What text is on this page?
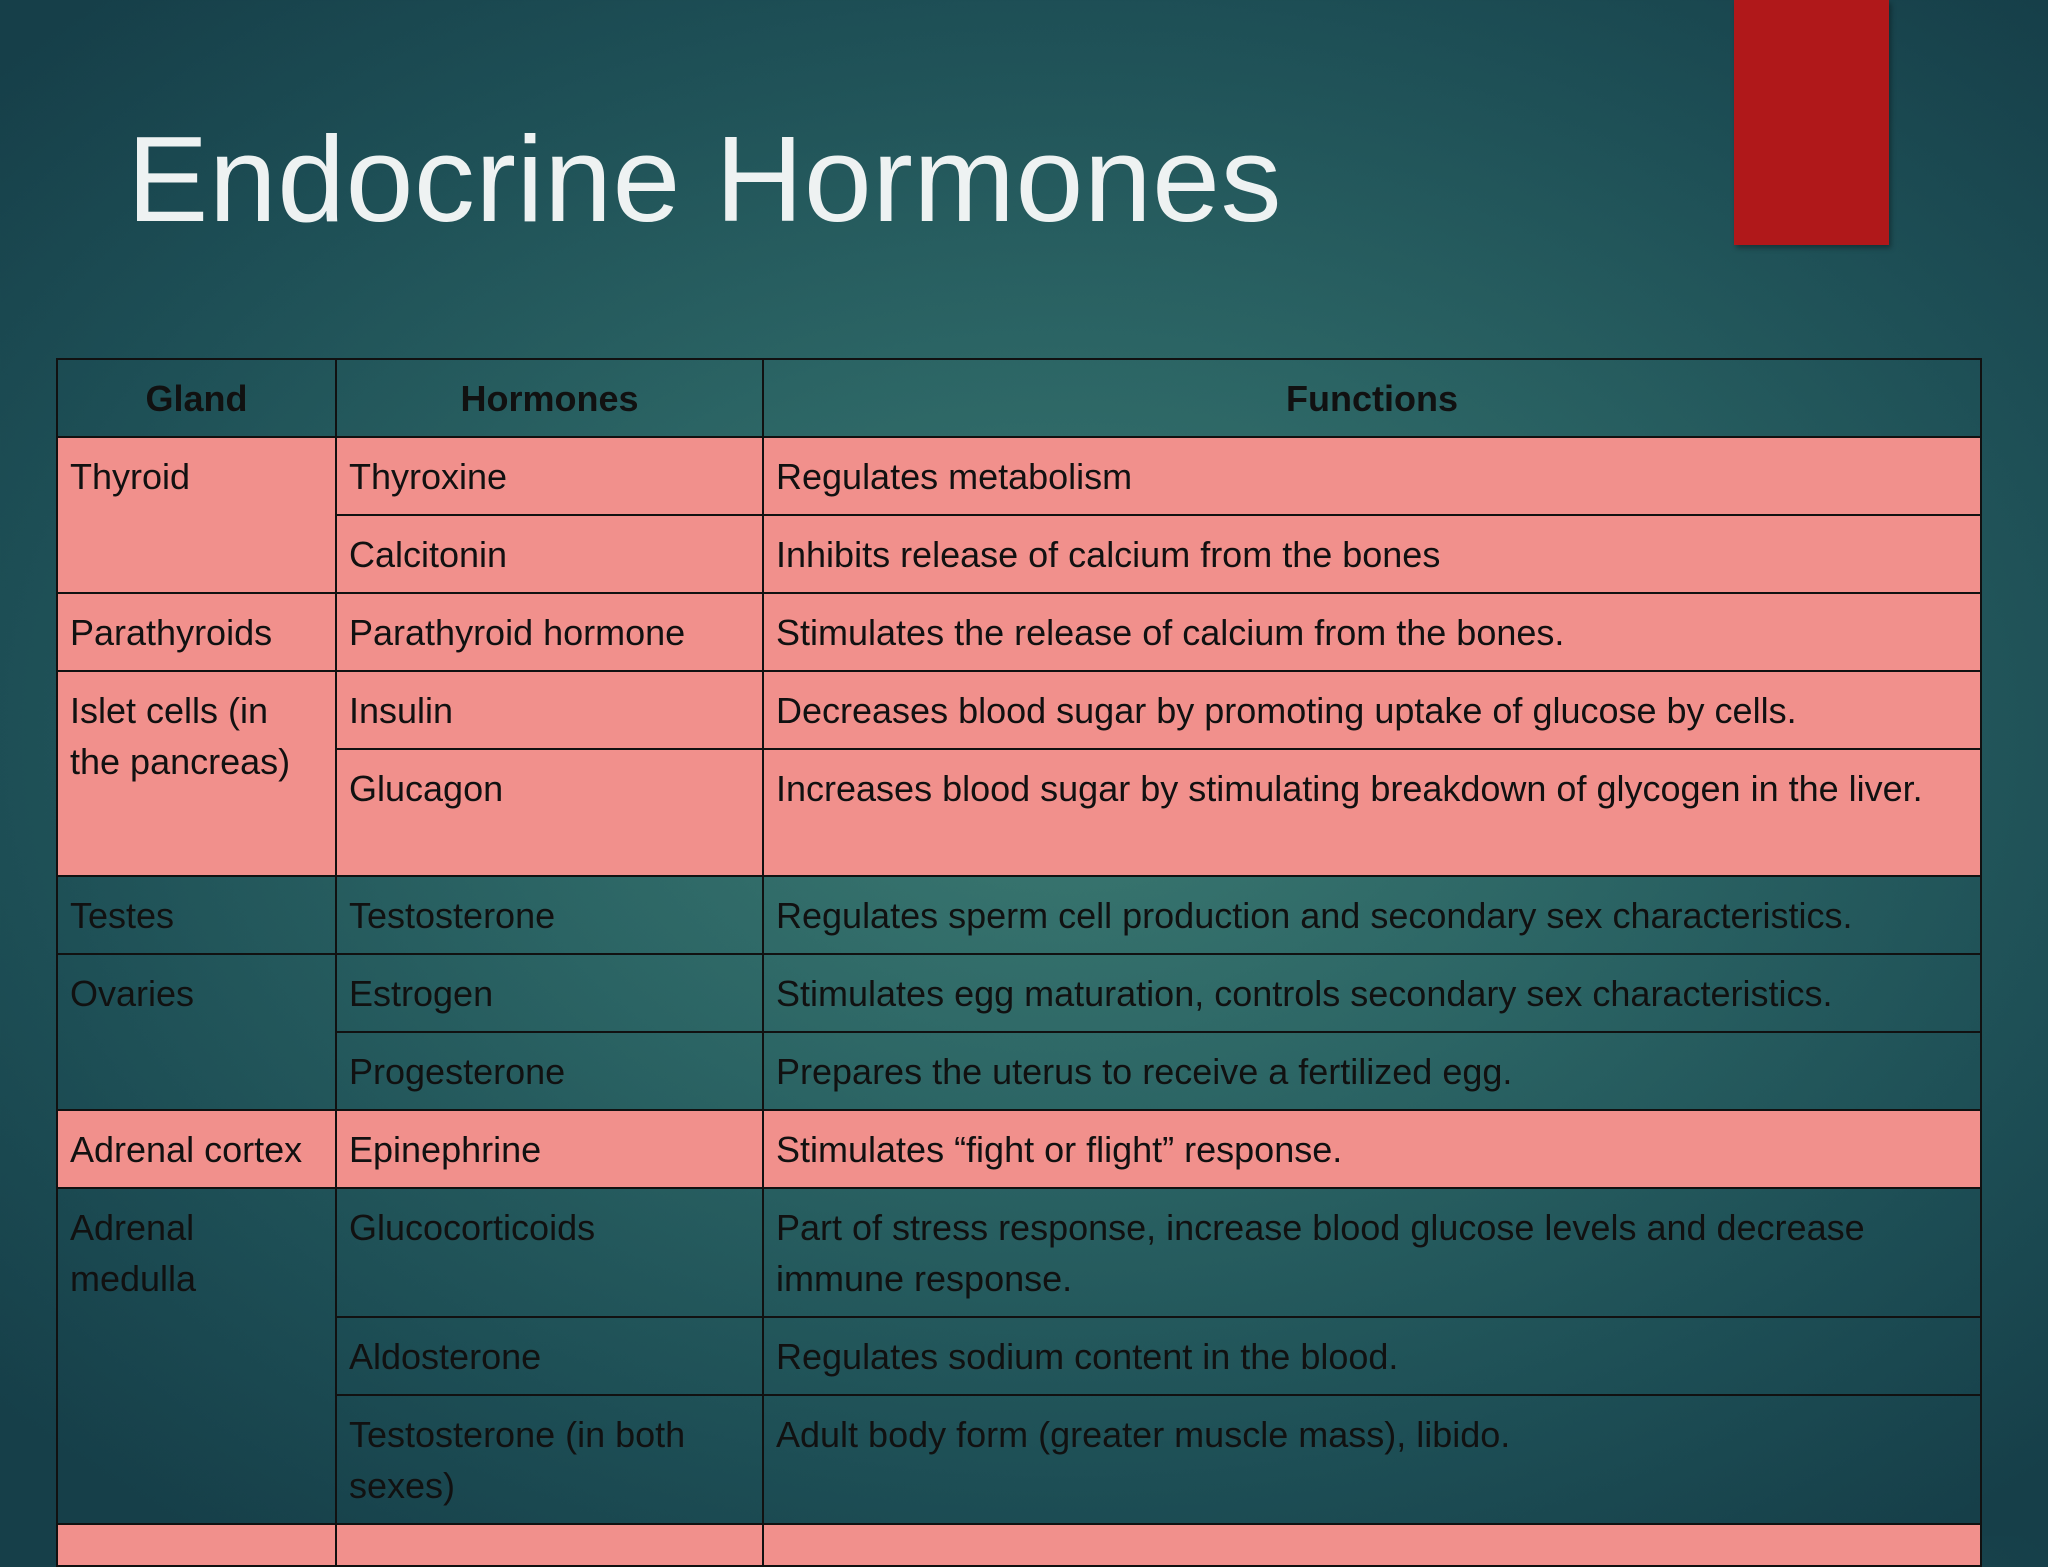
Endocrine Hormones
Gland	Hormones	Functions
Thyroid	Thyroxine	Regulates metabolism
	Calcitonin	Inhibits release of calcium from the bones
Parathyroids	Parathyroid hormone	Stimulates the release of calcium from the bones.
Islet cells (in the pancreas)	Insulin	Decreases blood sugar by promoting uptake of glucose by cells.
	Glucagon	Increases blood sugar by stimulating breakdown of glycogen in the liver.
Testes	Testosterone	Regulates sperm cell production and secondary sex characteristics.
Ovaries	Estrogen	Stimulates egg maturation, controls secondary sex characteristics.
	Progesterone	Prepares the uterus to receive a fertilized egg.
Adrenal cortex	Epinephrine	Stimulates “fight or flight” response.
Adrenal medulla	Glucocorticoids	Part of stress response, increase blood glucose levels and decrease immune response.
	Aldosterone	Regulates sodium content in the blood.
	Testosterone (in both sexes)	Adult body form (greater muscle mass), libido.
